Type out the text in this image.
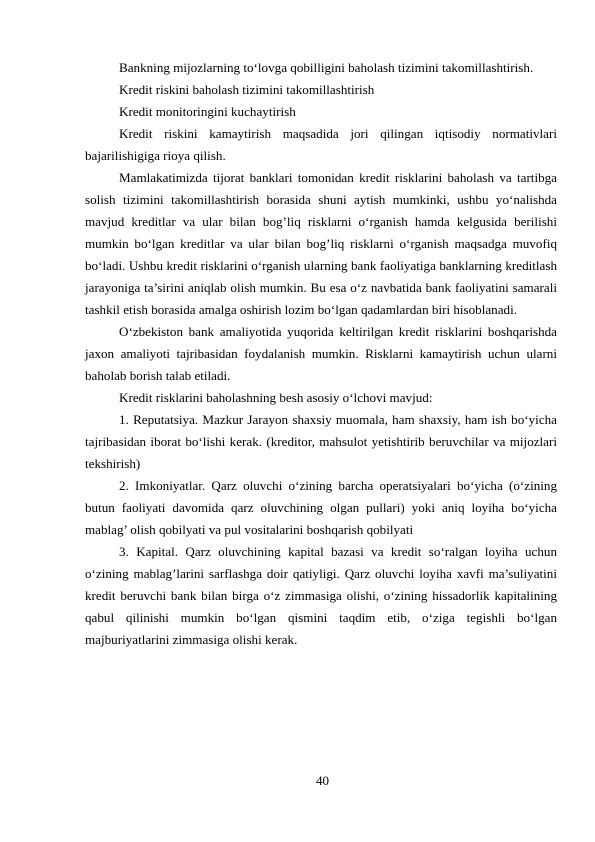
Bankning mijozlarning to‘lovga qobilligini baholash tizimini takomillashtirish.

Kredit riskini baholash tizimini takomillashtirish

Kredit monitoringini kuchaytirish

Kredit riskini kamaytirish maqsadida jori qilingan iqtisodiy normativlari bajarilishigiga rioya qilish.

Mamlakatimizda tijorat banklari tomonidan kredit risklarini baholash va tartibga solish tizimini takomillashtirish borasida shuni aytish mumkinki, ushbu yo‘nalishda mavjud kreditlar va ular bilan bog’liq risklarni o‘rganish hamda kelgusida berilishi mumkin bo‘lgan kreditlar va ular bilan bog’liq risklarni o‘rganish maqsadga muvofiq bo‘ladi. Ushbu kredit risklarini o‘rganish ularning bank faoliyatiga banklarning kreditlash jarayoniga ta’sirini aniqlab olish mumkin. Bu esa o‘z navbatida bank faoliyatini samarali tashkil etish borasida amalga oshirish lozim bo‘lgan qadamlardan biri hisoblanadi.

O‘zbekiston bank amaliyotida yuqorida keltirilgan kredit risklarini boshqarishda jaxon amaliyoti tajribasidan foydalanish mumkin. Risklarni kamaytirish uchun ularni baholab borish talab etiladi.

Kredit risklarini baholashning besh asosiy o‘lchovi mavjud:

1. Reputatsiya. Mazkur Jarayon shaxsiy muomala, ham shaxsiy, ham ish bo‘yicha tajribasidan iborat bo‘lishi kerak. (kreditor, mahsulot yetishtirib beruvchilar va mijozlari tekshirish)

2. Imkoniyatlar. Qarz oluvchi o‘zining barcha operatsiyalari bo‘yicha (o‘zining butun faoliyati davomida qarz oluvchining olgan pullari) yoki aniq loyiha bo‘yicha mablag’ olish qobilyati va pul vositalarini boshqarish qobilyati

3. Kapital. Qarz oluvchining kapital bazasi va kredit so‘ralgan loyiha uchun o‘zining mablag’larini sarflashga doir qatiyligi. Qarz oluvchi loyiha xavfi ma’suliyatini kredit beruvchi bank bilan birga o‘z zimmasiga olishi, o‘zining hissadorlik kapitalining qabul qilinishi mumkin bo‘lgan qismini taqdim etib, o‘ziga tegishli bo‘lgan majburiyatlarini zimmasiga olishi kerak.

40
